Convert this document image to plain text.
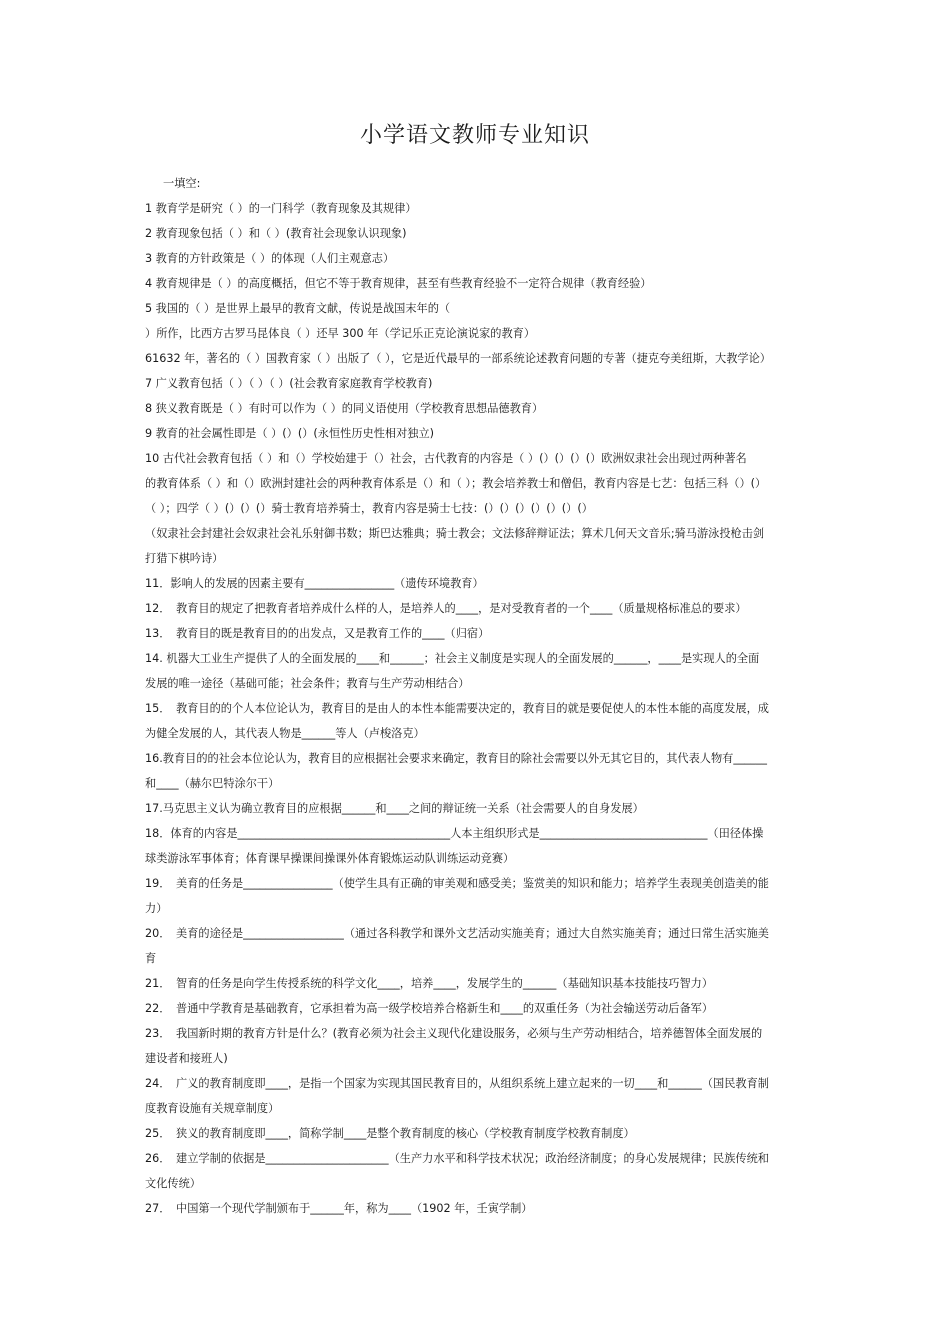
小学语文教师专业知识
一填空:
1 教育学是研究（ ）的一门科学（教育现象及其规律）
2 教育现象包括（ ）和（ ）(教育社会现象认识现象)
3 教育的方针政策是（ ）的体现（人们主观意志）
4 教育规律是（ ）的高度概括，但它不等于教育规律，甚至有些教育经验不一定符合规律（教育经验）
5 我国的（ ）是世界上最早的教育文献，传说是战国末年的（
）所作，比西方古罗马昆体良（ ）还早 300 年（学记乐正克论演说家的教育）
61632 年，著名的（ ）国教育家（ ）出版了（ ），它是近代最早的一部系统论述教育问题的专著（捷克夸美纽斯，大教学论）
7 广义教育包括（ ）（ ）（ ）(社会教育家庭教育学校教育)
8 狭义教育既是（ ）有时可以作为（ ）的同义语使用（学校教育思想品德教育）
9 教育的社会属性即是（ ）(）(）(永恒性历史性相对独立)
10 古代社会教育包括（ ）和（）学校始建于（）社会，古代教育的内容是（ ）(）(）(）(）欧洲奴隶社会出现过两种著名
的教育体系（ ）和（）欧洲封建社会的两种教育体系是（）和（ ）；教会培养教士和僧侣，教育内容是七艺：包括三科（）(）
（ ）；四学（ ）(）(）(）骑士教育培养骑士，教育内容是骑士七技：(）(）(）(）(）(）(）
（奴隶社会封建社会奴隶社会礼乐射御书数；斯巴达雅典；骑士教会；文法修辞辩证法；算术几何天文音乐;骑马游泳投枪击剑
打猎下棋吟诗）
11．影响人的发展的因素主要有________________（遗传环境教育）
12．　教育目的规定了把教育者培养成什么样的人，是培养人的____，是对受教育者的一个____（质量规格标准总的要求）
13．　教育目的既是教育目的的出发点，又是教育工作的____（归宿）
14. 机器大工业生产提供了人的全面发展的____和______；社会主义制度是实现人的全面发展的______，____是实现人的全面
发展的唯一途径（基础可能；社会条件；教育与生产劳动相结合）
15．　教育目的的个人本位论认为，教育目的是由人的本性本能需要决定的，教育目的就是要促使人的本性本能的高度发展，成
为健全发展的人，其代表人物是______等人（卢梭洛克）
16.教育目的的社会本位论认为，教育目的应根据社会要求来确定，教育目的除社会需要以外无其它目的，其代表人物有______
和____（赫尔巴特涂尔干）
17.马克思主义认为确立教育目的应根据______和____之间的辩证统一关系（社会需要人的自身发展）
18．体育的内容是______________________________________人本主组织形式是______________________________（田径体操
球类游泳军事体育；体育课早操课间操课外体育锻炼运动队训练运动竞赛）
19．　美育的任务是________________（使学生具有正确的审美观和感受美；鉴赏美的知识和能力；培养学生表现美创造美的能
力）
20．　美育的途径是__________________（通过各科教学和课外文艺活动实施美育；通过大自然实施美育；通过曰常生活实施美
育
21．　智育的任务是向学生传授系统的科学文化____，培养____，发展学生的______（基础知识基本技能技巧智力）
22．　普通中学教育是基础教育，它承担着为高一级学校培养合格新生和____的双重任务（为社会输送劳动后备军）
23．　我国新时期的教育方针是什么？(教育必须为社会主义现代化建设服务，必须与生产劳动相结合，培养德智体全面发展的
建设者和接班人)
24．　广义的教育制度即____，是指一个国家为实现其国民教育目的，从组织系统上建立起来的一切____和______（国民教育制
度教育设施有关规章制度）
25．　狭义的教育制度即____，简称学制____是整个教育制度的核心（学校教育制度学校教育制度）
26．　建立学制的依据是______________________（生产力水平和科学技术状况；政治经济制度；的身心发展规律；民族传统和
文化传统）
27．　中国第一个现代学制颁布于______年，称为____（1902 年，壬寅学制）
